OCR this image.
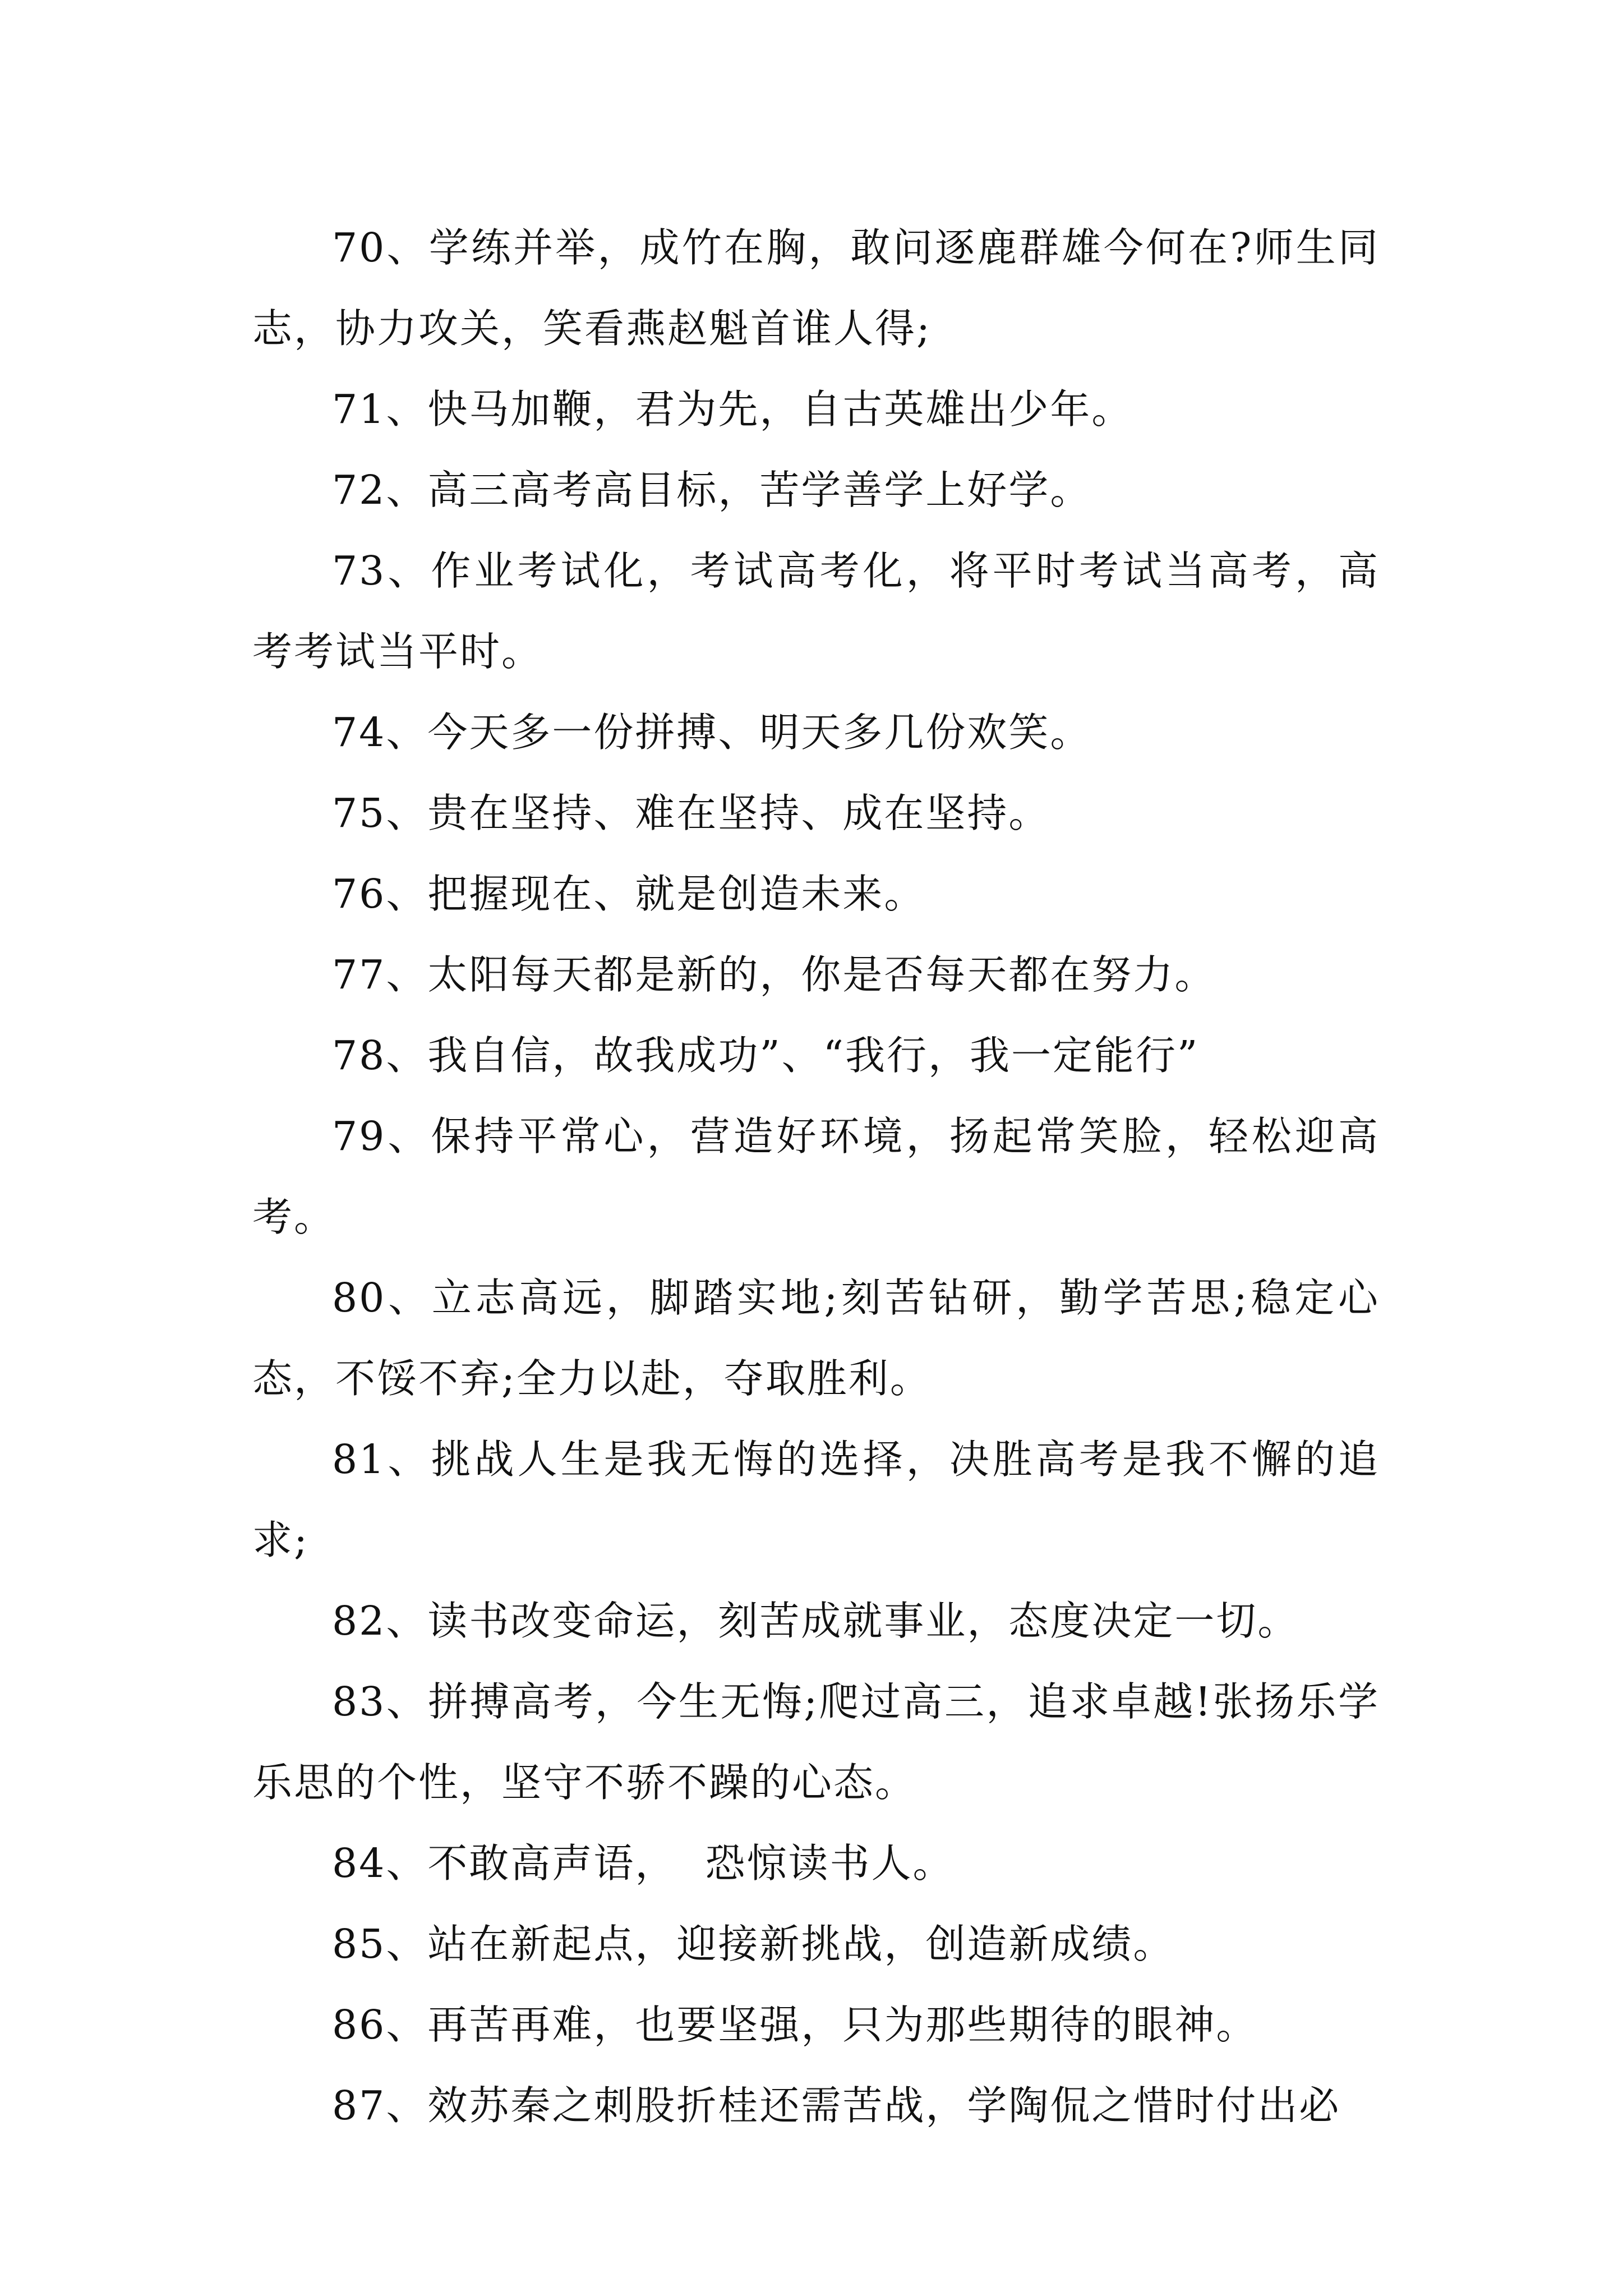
70、学练并举，成竹在胸，敢问逐鹿群雄今何在?师生同志，协力攻关，笑看燕赵魁首谁人得;

71、快马加鞭，君为先，自古英雄出少年。

72、高三高考高目标，苦学善学上好学。

73、作业考试化，考试高考化，将平时考试当高考，高考考试当平时。

74、今天多一份拼搏、明天多几份欢笑。

75、贵在坚持、难在坚持、成在坚持。

76、把握现在、就是创造未来。

77、太阳每天都是新的，你是否每天都在努力。

78、我自信，故我成功”、“我行，我一定能行”

79、保持平常心，营造好环境，扬起常笑脸，轻松迎高考。

80、立志高远，脚踏实地;刻苦钻研，勤学苦思;稳定心态，不馁不弃;全力以赴，夺取胜利。

81、挑战人生是我无悔的选择，决胜高考是我不懈的追求;

82、读书改变命运，刻苦成就事业，态度决定一切。

83、拼搏高考，今生无悔;爬过高三，追求卓越!张扬乐学乐思的个性，坚守不骄不躁的心态。

84、不敢高声语，  恐惊读书人。

85、站在新起点，迎接新挑战，创造新成绩。

86、再苦再难，也要坚强，只为那些期待的眼神。

87、效苏秦之刺股折桂还需苦战，学陶侃之惜时付出必
